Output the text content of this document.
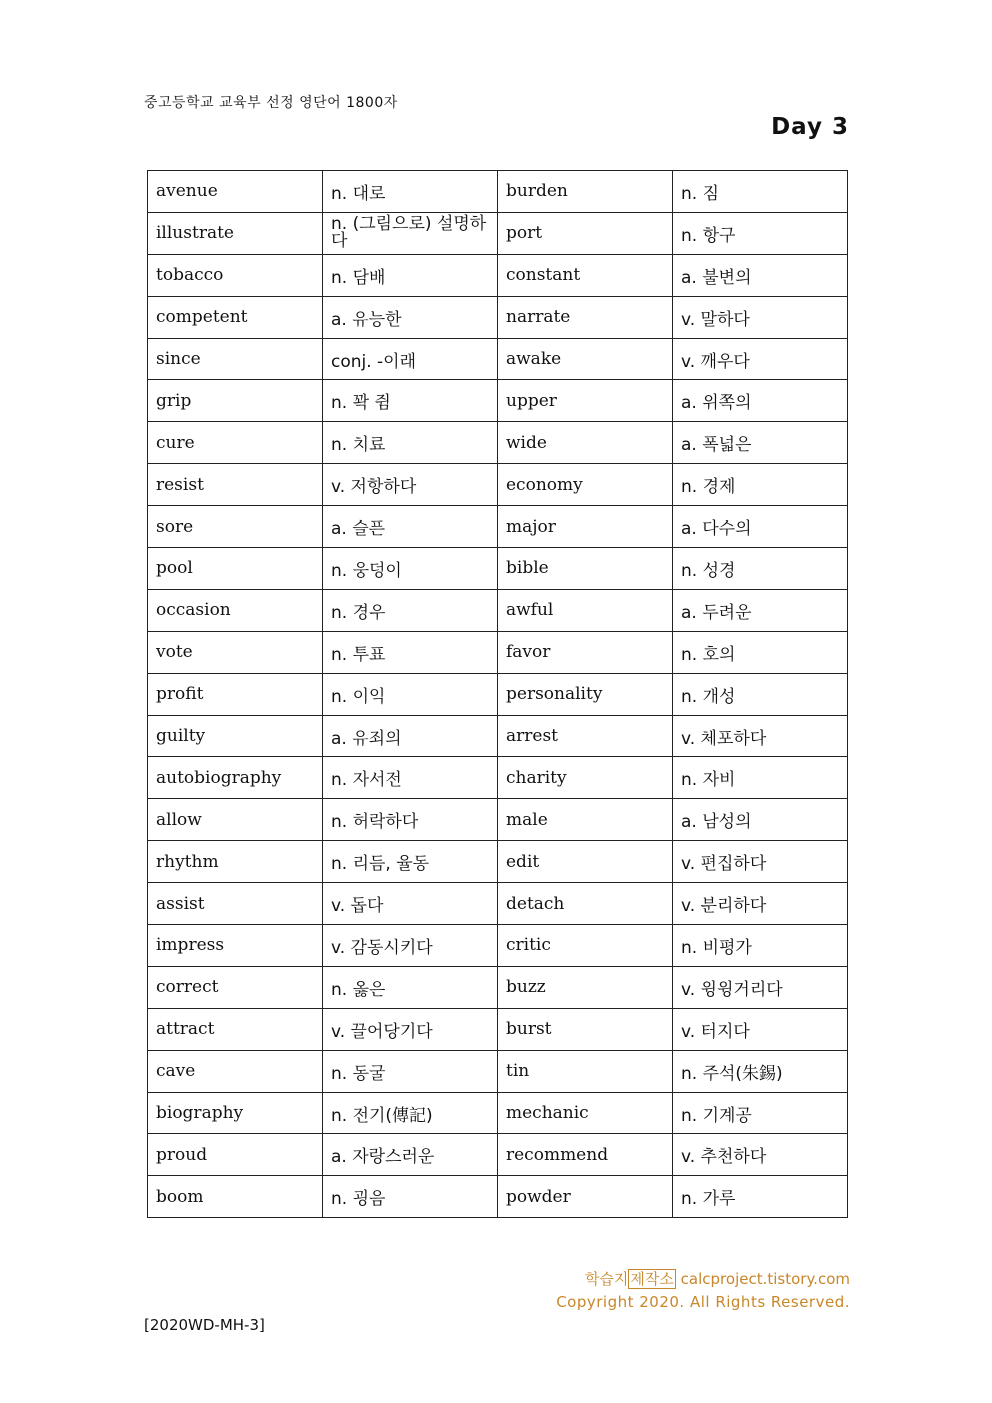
중고등학교 교육부 선정 영단어 1800자
Day 3
avenue	n. 대로	burden	n. 짐
illustrate	n. (그림으로) 설명하다	port	n. 항구
tobacco	n. 담배	constant	a. 불변의
competent	a. 유능한	narrate	v. 말하다
since	conj. -이래	awake	v. 깨우다
grip	n. 꽉 쥠	upper	a. 위쪽의
cure	n. 치료	wide	a. 폭넓은
resist	v. 저항하다	economy	n. 경제
sore	a. 슬픈	major	a. 다수의
pool	n. 웅덩이	bible	n. 성경
occasion	n. 경우	awful	a. 두려운
vote	n. 투표	favor	n. 호의
profit	n. 이익	personality	n. 개성
guilty	a. 유죄의	arrest	v. 체포하다
autobiography	n. 자서전	charity	n. 자비
allow	n. 허락하다	male	a. 남성의
rhythm	n. 리듬, 율동	edit	v. 편집하다
assist	v. 돕다	detach	v. 분리하다
impress	v. 감동시키다	critic	n. 비평가
correct	n. 옳은	buzz	v. 윙윙거리다
attract	v. 끌어당기다	burst	v. 터지다
cave	n. 동굴	tin	n. 주석(朱錫)
biography	n. 전기(傳記)	mechanic	n. 기계공
proud	a. 자랑스러운	recommend	v. 추천하다
boom	n. 굉음	powder	n. 가루
학습지 제작소 calcproject.tistory.com
Copyright 2020. All Rights Reserved.
[2020WD-MH-3]
